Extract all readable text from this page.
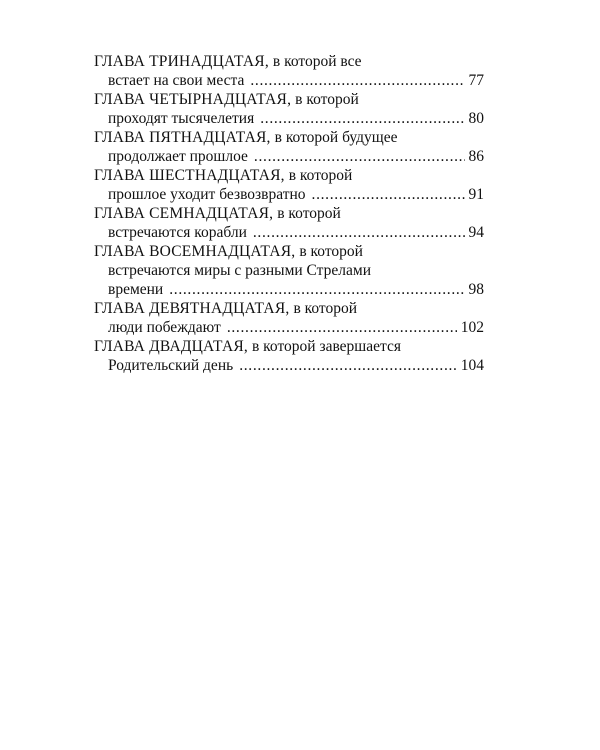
ГЛАВА ТРИНАДЦАТАЯ, в которой все
встает на свои места . . .	77
ГЛАВА ЧЕТЫРНАДЦАТАЯ, в которой
проходят тысячелетия . . .	80
ГЛАВА ПЯТНАДЦАТАЯ, в которой будущее
продолжает прошлое . . .	86
ГЛАВА ШЕСТНАДЦАТАЯ, в которой
прошлое уходит безвозвратно . . .	91
ГЛАВА СЕМНАДЦАТАЯ, в которой
встречаются корабли . . .	94
ГЛАВА ВОСЕМНАДЦАТАЯ, в которой
встречаются миры с разными Стрелами
времени . . .	98
ГЛАВА ДЕВЯТНАДЦАТАЯ, в которой
люди побеждают . . .	102
ГЛАВА ДВАДЦАТАЯ, в которой завершается
Родительский день . . .	104
